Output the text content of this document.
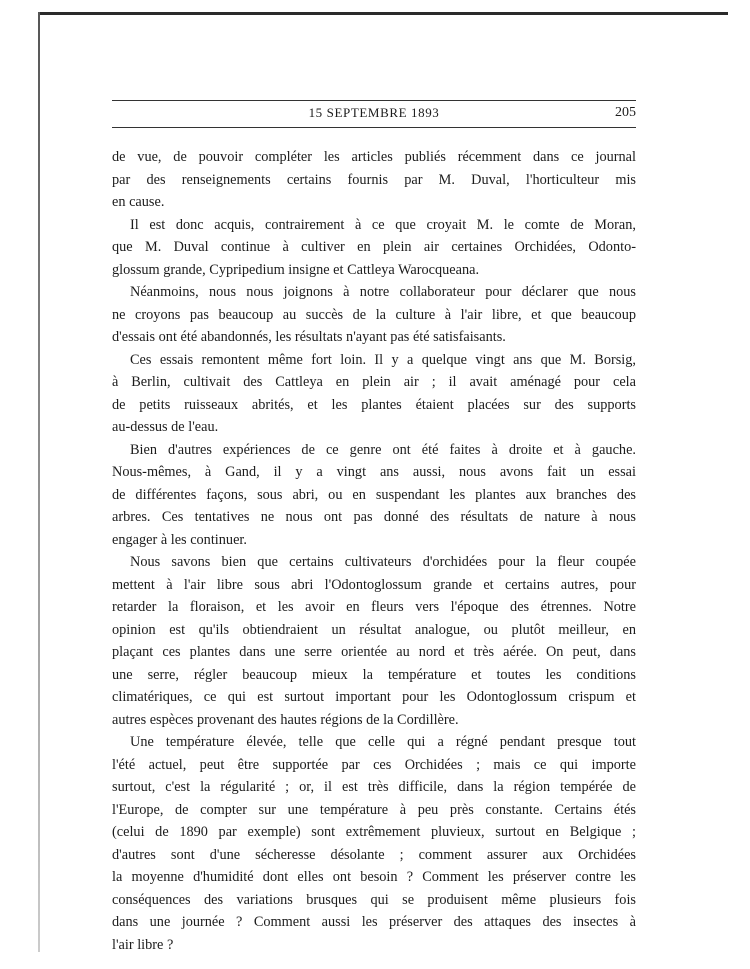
15 SEPTEMBRE 1893	205
de vue, de pouvoir compléter les articles publiés récemment dans ce journal
par des renseignements certains fournis par M. Duval, l'horticulteur mis
en cause.
Il est donc acquis, contrairement à ce que croyait M. le comte de Moran,
que M. Duval continue à cultiver en plein air certaines Orchidées, Odonto-
glossum grande, Cypripedium insigne et Cattleya Warocqueana.
Néanmoins, nous nous joignons à notre collaborateur pour déclarer que nous
ne croyons pas beaucoup au succès de la culture à l'air libre, et que beaucoup
d'essais ont été abandonnés, les résultats n'ayant pas été satisfaisants.
Ces essais remontent même fort loin. Il y a quelque vingt ans que M. Borsig,
à Berlin, cultivait des Cattleya en plein air ; il avait aménagé pour cela
de petits ruisseaux abrités, et les plantes étaient placées sur des supports
au-dessus de l'eau.
Bien d'autres expériences de ce genre ont été faites à droite et à gauche.
Nous-mêmes, à Gand, il y a vingt ans aussi, nous avons fait un essai
de différentes façons, sous abri, ou en suspendant les plantes aux branches des
arbres. Ces tentatives ne nous ont pas donné des résultats de nature à nous
engager à les continuer.
Nous savons bien que certains cultivateurs d'orchidées pour la fleur coupée
mettent à l'air libre sous abri l'Odontoglossum grande et certains autres, pour
retarder la floraison, et les avoir en fleurs vers l'époque des étrennes. Notre
opinion est qu'ils obtiendraient un résultat analogue, ou plutôt meilleur, en
plaçant ces plantes dans une serre orientée au nord et très aérée. On peut, dans
une serre, régler beaucoup mieux la température et toutes les conditions
climatériques, ce qui est surtout important pour les Odontoglossum crispum et
autres espèces provenant des hautes régions de la Cordillère.
Une température élevée, telle que celle qui a régné pendant presque tout
l'été actuel, peut être supportée par ces Orchidées ; mais ce qui importe
surtout, c'est la régularité ; or, il est très difficile, dans la région tempérée de
l'Europe, de compter sur une température à peu près constante. Certains étés
(celui de 1890 par exemple) sont extrêmement pluvieux, surtout en Belgique ;
d'autres sont d'une sécheresse désolante ; comment assurer aux Orchidées
la moyenne d'humidité dont elles ont besoin ? Comment les préserver contre les
conséquences des variations brusques qui se produisent même plusieurs fois
dans une journée ? Comment aussi les préserver des attaques des insectes à
l'air libre ?
